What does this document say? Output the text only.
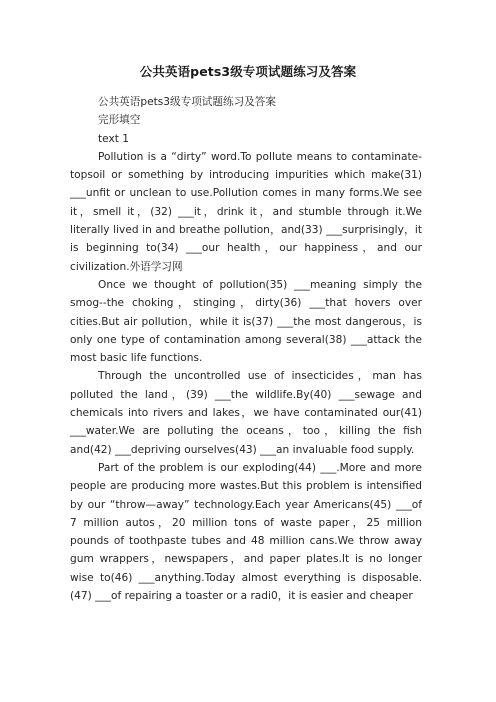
公共英语pets3级专项试题练习及答案

公共英语pets3级专项试题练习及答案

完形填空

text 1

Pollution is a “dirty” word.To pollute means to contaminate-topsoil or something by introducing impurities which make(31) ___unfit or unclean to use.Pollution comes in many forms.We see it，smell it，(32) ___it，drink it，and stumble through it.We literally lived in and breathe pollution，and(33) ___surprisingly，it is beginning to(34) ___our health，our happiness，and our civilization.外语学习网

Once we thought of pollution(35) ___meaning simply the smog--the choking，stinging，dirty(36) ___that hovers over cities.But air pollution，while it is(37) ___the most dangerous，is only one type of contamination among several(38) ___attack the most basic life functions.

Through the uncontrolled use of insecticides，man has polluted the land，(39) ___the wildlife.By(40) ___sewage and chemicals into rivers and lakes，we have contaminated our(41) ___water.We are polluting the oceans，too，killing the fish and(42) ___depriving ourselves(43) ___an invaluable food supply.

Part of the problem is our exploding(44) ___.More and more people are producing more wastes.But this problem is intensified by our “throw—away” technology.Each year Americans(45) ___of 7 million autos，20 million tons of waste paper，25 million pounds of toothpaste tubes and 48 million cans.We throw away gum wrappers，newspapers，and paper plates.It is no longer wise to(46) ___anything.Today almost everything is disposable.(47) ___of repairing a toaster or a radi0，it is easier and cheaper
